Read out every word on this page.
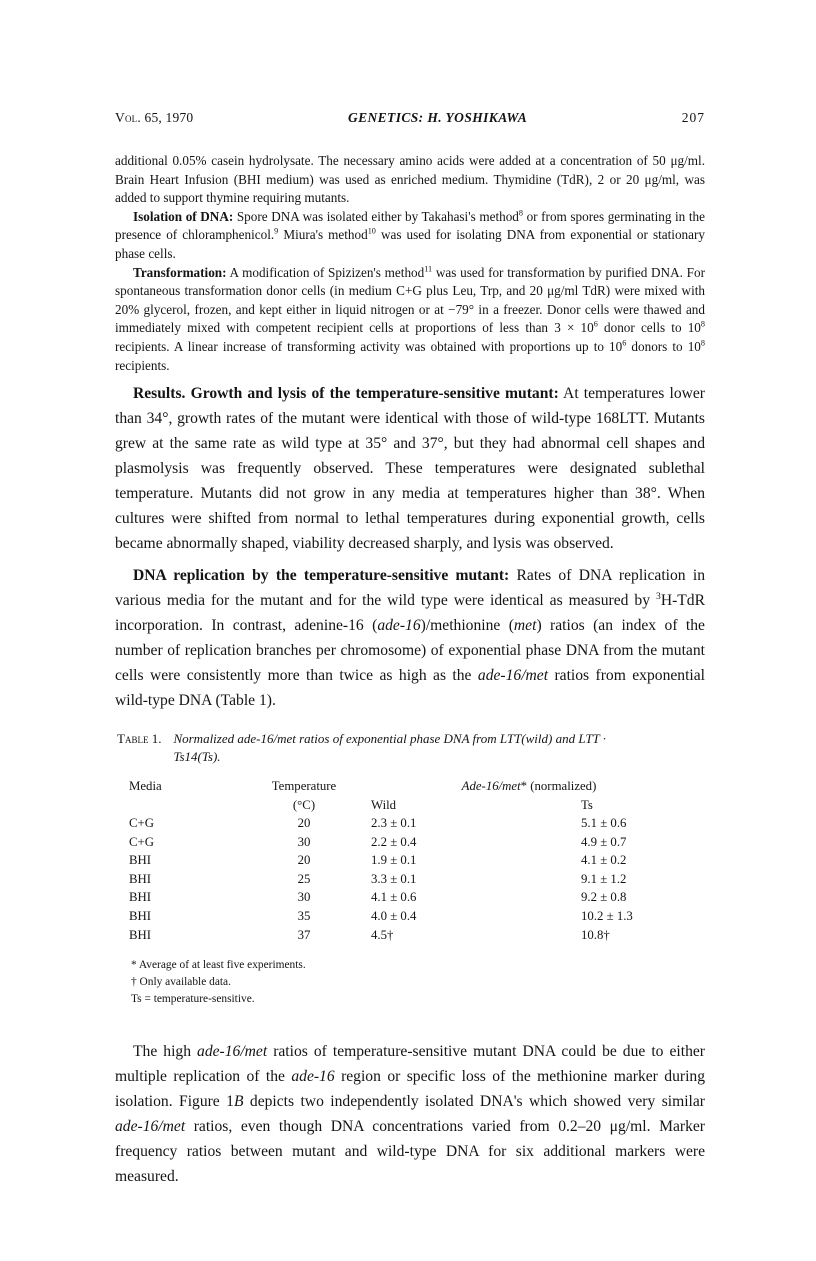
Vol. 65, 1970	GENETICS: H. YOSHIKAWA	207

additional 0.05% casein hydrolysate. The necessary amino acids were added at a concentration of 50 μg/ml. Brain Heart Infusion (BHI medium) was used as enriched medium. Thymidine (TdR), 2 or 20 μg/ml, was added to support thymine requiring mutants.

Isolation of DNA: Spore DNA was isolated either by Takahasi's method$^8$ or from spores germinating in the presence of chloramphenicol.$^9$ Miura's method$^{10}$ was used for isolating DNA from exponential or stationary phase cells.

Transformation: A modification of Spizizen's method$^{11}$ was used for transformation by purified DNA. For spontaneous transformation donor cells (in medium C+G plus Leu, Trp, and 20 μg/ml TdR) were mixed with 20% glycerol, frozen, and kept either in liquid nitrogen or at −79° in a freezer. Donor cells were thawed and immediately mixed with competent recipient cells at proportions of less than $3 \times 10^6$ donor cells to $10^8$ recipients. A linear increase of transforming activity was obtained with proportions up to $10^6$ donors to $10^8$ recipients.

Results. Growth and lysis of the temperature-sensitive mutant: At temperatures lower than 34°, growth rates of the mutant were identical with those of wild-type 168LTT. Mutants grew at the same rate as wild type at 35° and 37°, but they had abnormal cell shapes and plasmolysis was frequently observed. These temperatures were designated sublethal temperature. Mutants did not grow in any media at temperatures higher than 38°. When cultures were shifted from normal to lethal temperatures during exponential growth, cells became abnormally shaped, viability decreased sharply, and lysis was observed.

DNA replication by the temperature-sensitive mutant: Rates of DNA replication in various media for the mutant and for the wild type were identical as measured by $^3$H-TdR incorporation. In contrast, adenine-16 (ade-16)/methionine (met) ratios (an index of the number of replication branches per chromosome) of exponential phase DNA from the mutant cells were consistently more than twice as high as the ade-16/met ratios from exponential wild-type DNA (Table 1).

Table 1. Normalized ade-16/met ratios of exponential phase DNA from LTT(wild) and LTT · Ts14(Ts).
Media	Temperature	Ade-16/met* (normalized)	
	(°C)	Wild	Ts
C+G	20	2.3 ± 0.1	5.1 ± 0.6
C+G	30	2.2 ± 0.4	4.9 ± 0.7
BHI	20	1.9 ± 0.1	4.1 ± 0.2
BHI	25	3.3 ± 0.1	9.1 ± 1.2
BHI	30	4.1 ± 0.6	9.2 ± 0.8
BHI	35	4.0 ± 0.4	10.2 ± 1.3
BHI	37	4.5†	10.8†
* Average of at least five experiments.
† Only available data.
Ts = temperature-sensitive.

The high ade-16/met ratios of temperature-sensitive mutant DNA could be due to either multiple replication of the ade-16 region or specific loss of the methionine marker during isolation. Figure 1B depicts two independently isolated DNA's which showed very similar ade-16/met ratios, even though DNA concentrations varied from 0.2–20 μg/ml. Marker frequency ratios between mutant and wild-type DNA for six additional markers were measured.
